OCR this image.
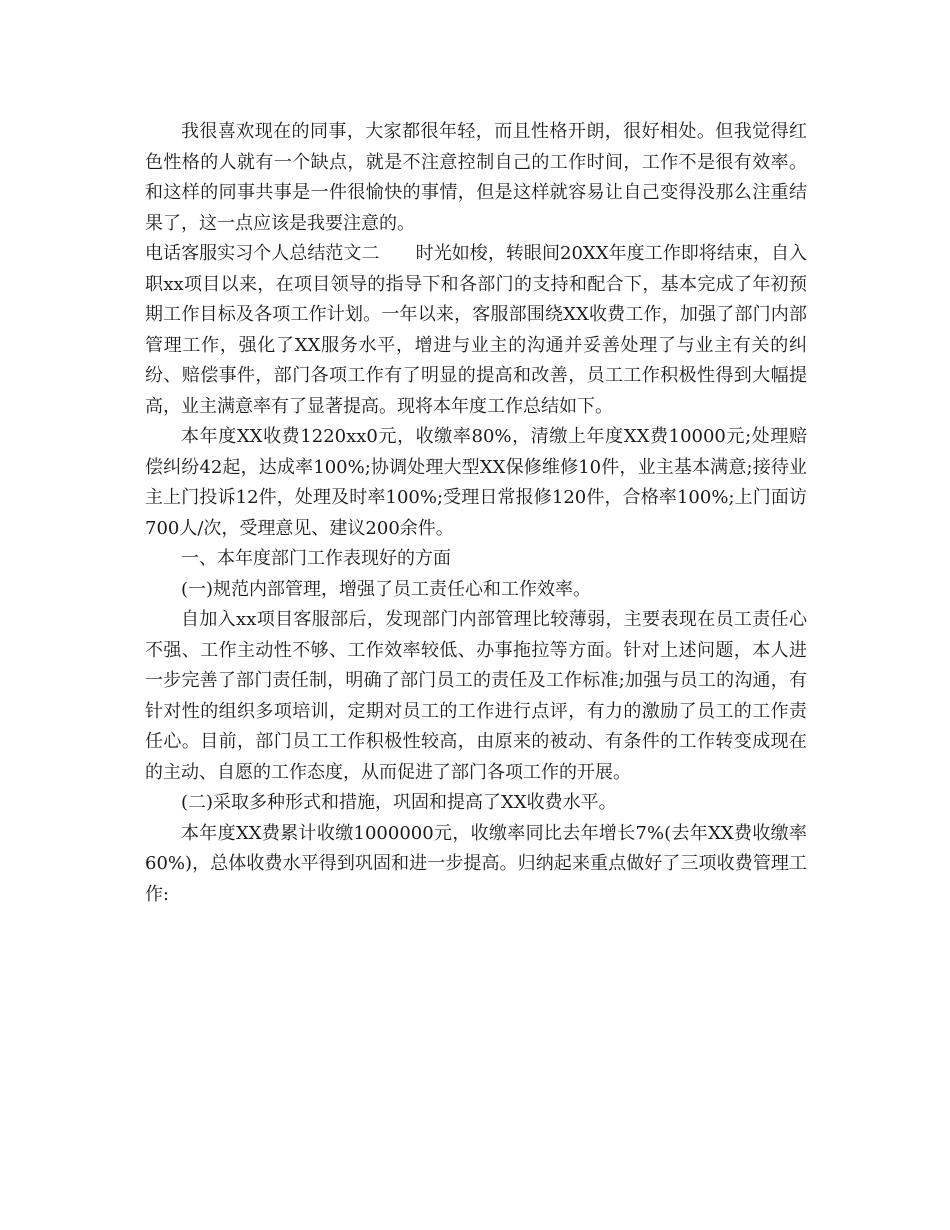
我很喜欢现在的同事，大家都很年轻，而且性格开朗，很好相处。但我觉得红色性格的人就有一个缺点，就是不注意控制自己的工作时间，工作不是很有效率。和这样的同事共事是一件很愉快的事情，但是这样就容易让自己变得没那么注重结果了，这一点应该是我要注意的。

电话客服实习个人总结范文二　　时光如梭，转眼间20XX年度工作即将结束，自入职xx项目以来，在项目领导的指导下和各部门的支持和配合下，基本完成了年初预期工作目标及各项工作计划。一年以来，客服部围绕XX收费工作，加强了部门内部管理工作，强化了XX服务水平，增进与业主的沟通并妥善处理了与业主有关的纠纷、赔偿事件，部门各项工作有了明显的提高和改善，员工工作积极性得到大幅提高，业主满意率有了显著提高。现将本年度工作总结如下。

本年度XX收费1220xx0元，收缴率80%，清缴上年度XX费10000元;处理赔偿纠纷42起，达成率100%;协调处理大型XX保修维修10件，业主基本满意;接待业主上门投诉12件，处理及时率100%;受理日常报修120件，合格率100%;上门面访700人/次，受理意见、建议200余件。

一、本年度部门工作表现好的方面

(一)规范内部管理，增强了员工责任心和工作效率。

自加入xx项目客服部后，发现部门内部管理比较薄弱，主要表现在员工责任心不强、工作主动性不够、工作效率较低、办事拖拉等方面。针对上述问题，本人进一步完善了部门责任制，明确了部门员工的责任及工作标准;加强与员工的沟通，有针对性的组织多项培训，定期对员工的工作进行点评，有力的激励了员工的工作责任心。目前，部门员工工作积极性较高，由原来的被动、有条件的工作转变成现在的主动、自愿的工作态度，从而促进了部门各项工作的开展。

(二)采取多种形式和措施，巩固和提高了XX收费水平。

本年度XX费累计收缴1000000元，收缴率同比去年增长7%(去年XX费收缴率60%)，总体收费水平得到巩固和进一步提高。归纳起来重点做好了三项收费管理工作:
